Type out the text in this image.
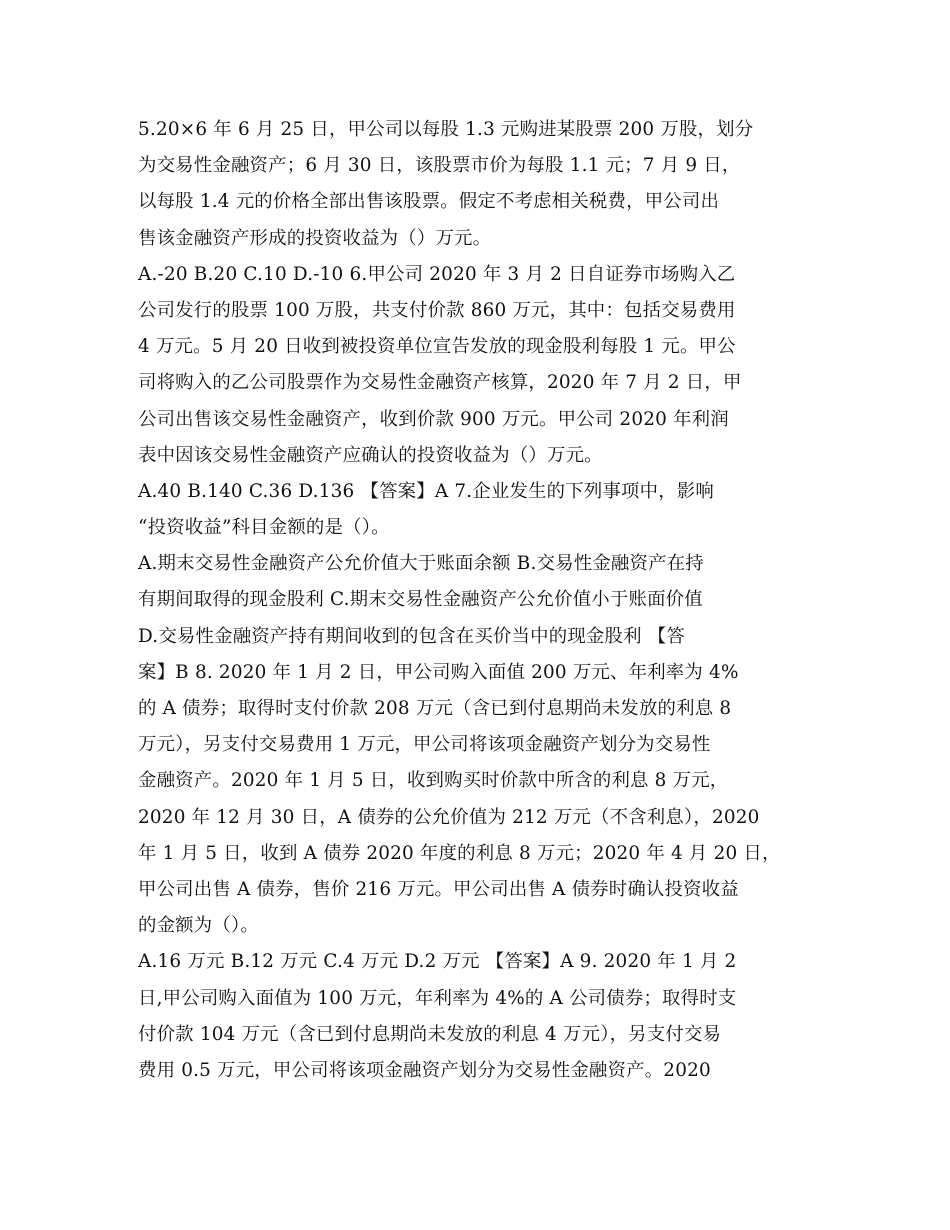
5.20×6 年 6 月 25 日，甲公司以每股 1.3 元购进某股票 200 万股，划分
为交易性金融资产；6 月 30 日，该股票市价为每股 1.1 元；7 月 9 日，
以每股 1.4 元的价格全部出售该股票。假定不考虑相关税费，甲公司出
售该金融资产形成的投资收益为（）万元。
A.-20 B.20 C.10 D.-10 6.甲公司 2020 年 3 月 2 日自证券市场购入乙
公司发行的股票 100 万股，共支付价款 860 万元，其中：包括交易费用
4 万元。5 月 20 日收到被投资单位宣告发放的现金股利每股 1 元。甲公
司将购入的乙公司股票作为交易性金融资产核算，2020 年 7 月 2 日，甲
公司出售该交易性金融资产，收到价款 900 万元。甲公司 2020 年利润
表中因该交易性金融资产应确认的投资收益为（）万元。
A.40 B.140 C.36 D.136 【答案】A 7.企业发生的下列事项中，影响
“投资收益”科目金额的是（）。
A.期末交易性金融资产公允价值大于账面余额 B.交易性金融资产在持
有期间取得的现金股利 C.期末交易性金融资产公允价值小于账面价值
D.交易性金融资产持有期间收到的包含在买价当中的现金股利 【答
案】B 8. 2020 年 1 月 2 日，甲公司购入面值 200 万元、年利率为 4%
的 A 债券；取得时支付价款 208 万元（含已到付息期尚未发放的利息 8
万元），另支付交易费用 1 万元，甲公司将该项金融资产划分为交易性
金融资产。2020 年 1 月 5 日，收到购买时价款中所含的利息 8 万元，
2020 年 12 月 30 日，A 债券的公允价值为 212 万元（不含利息），2020
年 1 月 5 日，收到 A 债券 2020 年度的利息 8 万元；2020 年 4 月 20 日，
甲公司出售 A 债券，售价 216 万元。甲公司出售 A 债券时确认投资收益
的金额为（）。
A.16 万元 B.12 万元 C.4 万元 D.2 万元 【答案】A 9. 2020 年 1 月 2
日,甲公司购入面值为 100 万元，年利率为 4%的 A 公司债券；取得时支
付价款 104 万元（含已到付息期尚未发放的利息 4 万元），另支付交易
费用 0.5 万元，甲公司将该项金融资产划分为交易性金融资产。2020
